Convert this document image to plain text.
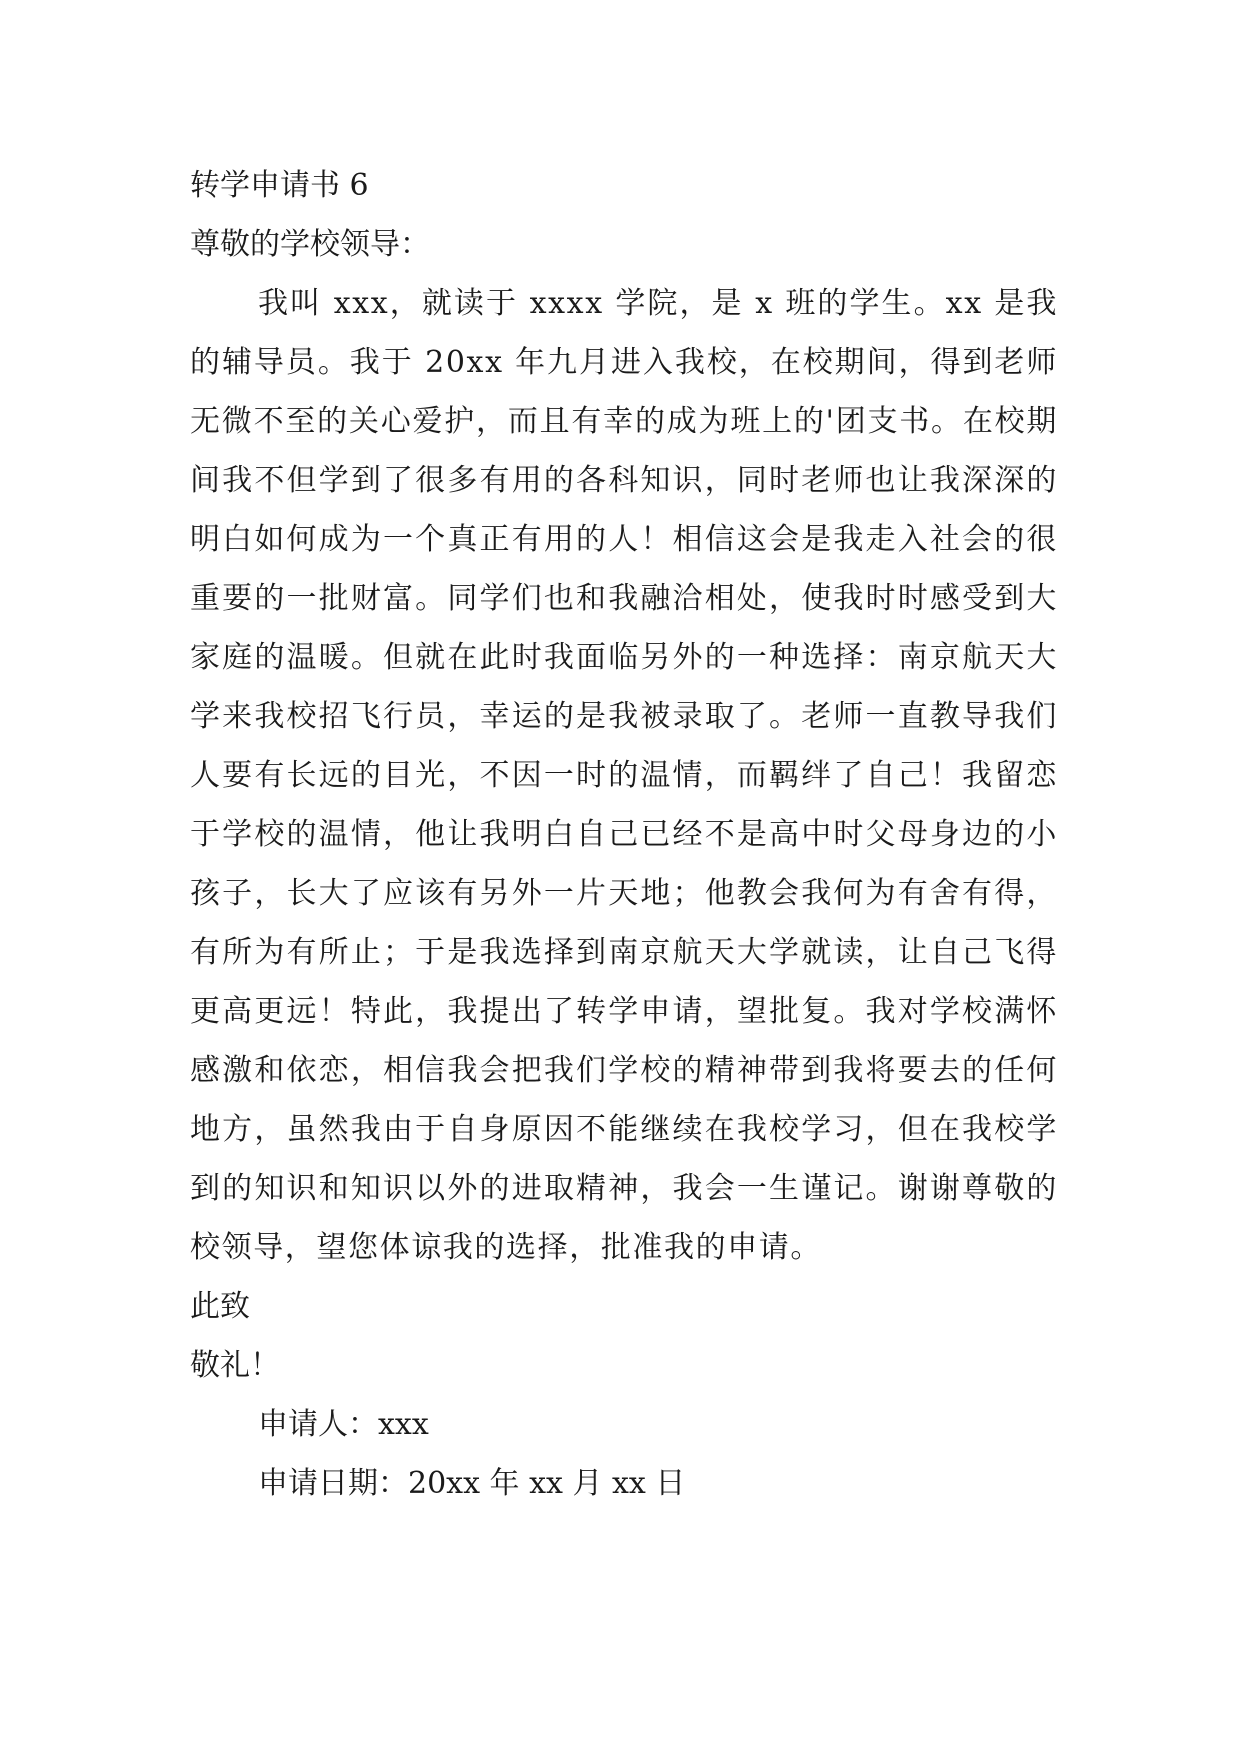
转学申请书 6

尊敬的学校领导：

我叫 xxx，就读于 xxxx 学院，是 x 班的学生。xx 是我的辅导员。我于 20xx 年九月进入我校，在校期间，得到老师无微不至的关心爱护，而且有幸的成为班上的'团支书。在校期间我不但学到了很多有用的各科知识，同时老师也让我深深的明白如何成为一个真正有用的人！相信这会是我走入社会的很重要的一批财富。同学们也和我融洽相处，使我时时感受到大家庭的温暖。但就在此时我面临另外的一种选择：南京航天大学来我校招飞行员，幸运的是我被录取了。老师一直教导我们人要有长远的目光，不因一时的温情，而羁绊了自己！我留恋于学校的温情，他让我明白自己已经不是高中时父母身边的小孩子，长大了应该有另外一片天地；他教会我何为有舍有得，有所为有所止；于是我选择到南京航天大学就读，让自己飞得更高更远！特此，我提出了转学申请，望批复。我对学校满怀感激和依恋，相信我会把我们学校的精神带到我将要去的任何地方，虽然我由于自身原因不能继续在我校学习，但在我校学到的知识和知识以外的进取精神，我会一生谨记。谢谢尊敬的校领导，望您体谅我的选择，批准我的申请。

此致

敬礼！

申请人：xxx

申请日期：20xx 年 xx 月 xx 日
